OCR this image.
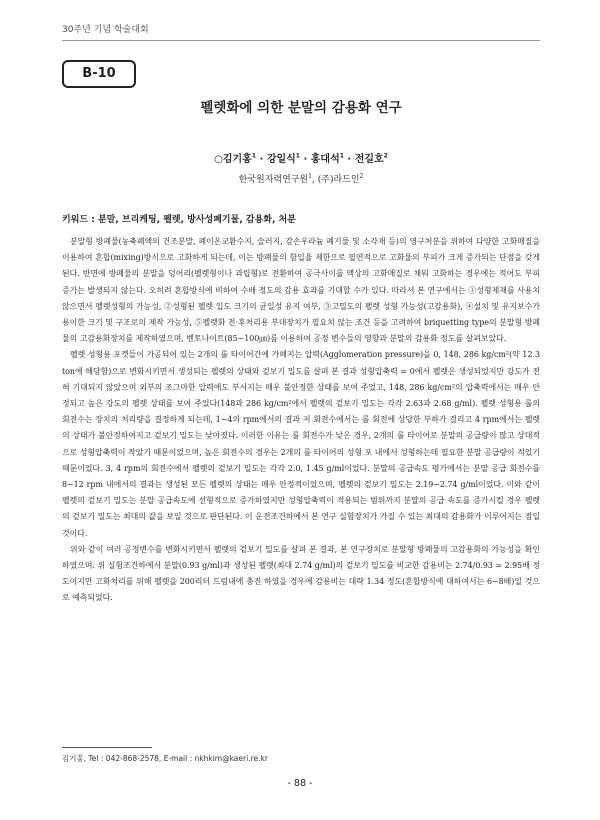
30주년 기념 학술대회
B-10
펠렛화에 의한 분말의 감용화 연구
○김기홍$^1$ · 강일식$^1$ · 홍대석$^1$ · 전길호$^2$
한국원자력연구원$^1$, (주)라드인$^2$
키워드 : 분말, 브리케팅, 펠렛, 방사성폐기물, 감용화, 처분

분말형 방폐물(농축폐액의 건조분말, 폐이온교환수지, 슬러지, 감손우라늄 폐기물 및 소각재 등)의 영구처분을 위하여 다양한 고화매질을 이용하여 혼합(mixing)방식으로 고화하게 되는데, 이는 방폐물의 함입율 제한으로 필연적으로 고화물의 부피가 크게 증가되는 단점을 갖게 된다. 반면에 방폐물의 분말을 덩어리(펠렛형이나 과립형)로 전환하여 공극사이를 액상의 고화매질로 채워 고화하는 경우에는 적어도 부피증가는 발생되지 않는다. 오히려 혼합방식에 비하여 수배 정도의 감용 효과를 기대할 수가 있다. 따라서 본 연구에서는 ①성형제재를 사용치 않으면서 펠렛성형의 가능성, ②성형된 펠렛 입도 크기의 균일성 유지 여부, ③고밀도의 펠렛 성형 가능성(고감용화), ④설치 및 유지보수가 용이한 크기 및 구조로의 제작 가능성, ⑤펠렛화 전·후처리용 부대장치가 필요치 않는 조건 등을 고려하여 briquetting type의 분말형 방폐물의 고감용화장치를 제작하였으며, 벤토나이트(85∼100㎛)를 이용하여 공정 변수들의 영향과 분말의 감용화 정도를 살펴보았다.

펠렛 성형용 포켓들이 가공되어 있는 2개의 롤 타이어간에 가해지는 압력(Agglomeration pressure)을 0, 148, 286 kg/cm²(약 12.3 ton에 해당함)으로 변화시키면서 생성되는 펠렛의 상태와 겉보기 밀도를 살펴 본 결과 성형압축력 = 0에서 펠렛은 생성되었지만 강도가 전혀 기대되지 않았으며 외부의 조그마한 압력에도 부서지는 매우 불안정한 상태를 보여 주었고, 148, 286 kg/cm²의 압축력에서는 매우 안정되고 높은 강도의 펠렛 상태를 보여 주었다(148과 286 kg/cm²에서 펠렛의 겉보기 밀도는 각각 2.63과 2.68 g/ml). 펠렛 성형용 롤의 회전수는 장치의 처리량을 결정하게 되는데, 1∼4의 rpm에서의 결과 저 회전수에서는 롤 회전에 상당한 부하가 걸리고 4 rpm에서는 펠렛의 상태가 불안정하여지고 겉보기 밀도는 낮아졌다. 이러한 이유는 롤 회전수가 낮은 경우, 2개의 롤 타이어로 분말의 공급량이 많고 상대적으로 성형압축력이 작았기 때문이었으며, 높은 회전수의 경우는 2개의 롤 타이어의 성형 포 내에서 성형하는데 필요한 분말 공급량이 적었기 때문이었다. 3, 4 rpm의 회전수에서 펠렛의 겉보기 밀도는 각각 2.0, 1.45 g/ml이었다. 분말의 공급속도 평가에서는 분말 공급 회전수를 8∼12 rpm 내에서의 결과는 생성된 모든 펠렛의 상태는 매우 안정적이었으며, 펠렛의 겉보기 밀도는 2.19∼2.74 g/ml이었다. 이와 같이 펠렛의 겉보기 밀도는 분말 공급속도에 선형적으로 증가하였지만 성형압축력이 적용되는 범위까지 분말의 공급 속도를 증가시킬 경우 펠렛의 겉보기 밀도는 최대의 값을 보일 것으로 판단된다. 이 운전조건하에서 본 연구 실험장치가 가질 수 있는 최대의 감용화가 이루어지는 점일 것이다.

위와 같이 여러 공정변수를 변화시키면서 펠렛의 겉보기 밀도를 살펴 본 결과, 본 연구장치로 분말형 방폐물의 고감용화의 가능성을 확인하였으며. 위 실험조건하에서 분말(0.93 g/ml)과 생성된 펠렛(최대 2.74 g/ml)의 겉보기 밀도를 비교한 감용비는 2.74/0.93 = 2.95배 정도이지만 고화처리를 위해 펠렛을 200리터 드럼내에 충진 하였을 경우에 감용비는 대략 1.34 정도(혼합방식에 대하여서는 6∼8배)일 것으로 예측되었다.

김기홍, Tel : 042-868-2578, E-mail : nkhkim@kaeri.re.kr
- 88 -
